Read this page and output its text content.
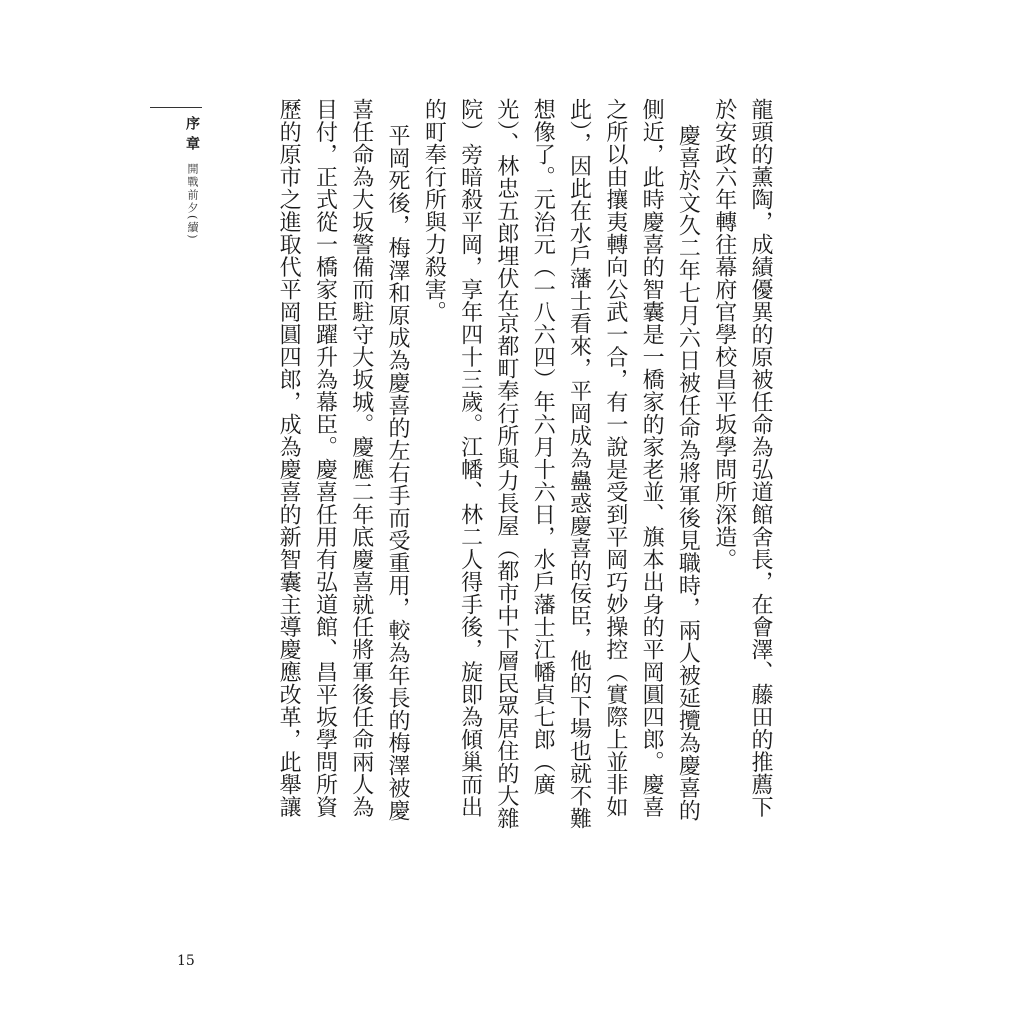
序章
開戰前夕(續)	龍頭的薰陶，成績優異的原被任命為弘道館舍長，在會澤、藤田的推薦下於安政六年轉往幕府官學校昌平坂學問所深造。

慶喜於文久二年七月六日被任命為將軍後見職時，兩人被延攬為慶喜的側近，此時慶喜的智囊是一橋家的家老並、旗本出身的平岡圓四郎。慶喜之所以由攘夷轉向公武一合，有一說是受到平岡巧妙操控（實際上並非如此），因此在水戶藩士看來，平岡成為蠱惑慶喜的佞臣，他的下場也就不難想像了。元治元（一八六四）年六月十六日，水戶藩士江幡貞七郎（廣光）、林忠五郎埋伏在京都町奉行所與力長屋（都市中下層民眾居住的大雜院）旁暗殺平岡，享年四十三歲。江幡、林二人得手後，旋即為傾巢而出的町奉行所與力殺害。

平岡死後，梅澤和原成為慶喜的左右手而受重用，較為年長的梅澤被慶喜任命為大坂警備而駐守大坂城。慶應二年底慶喜就任將軍後任命兩人為目付，正式從一橋家臣躍升為幕臣。慶喜任用有弘道館、昌平坂學問所資歷的原市之進取代平岡圓四郎，成為慶喜的新智囊主導慶應改革，此舉讓

15
